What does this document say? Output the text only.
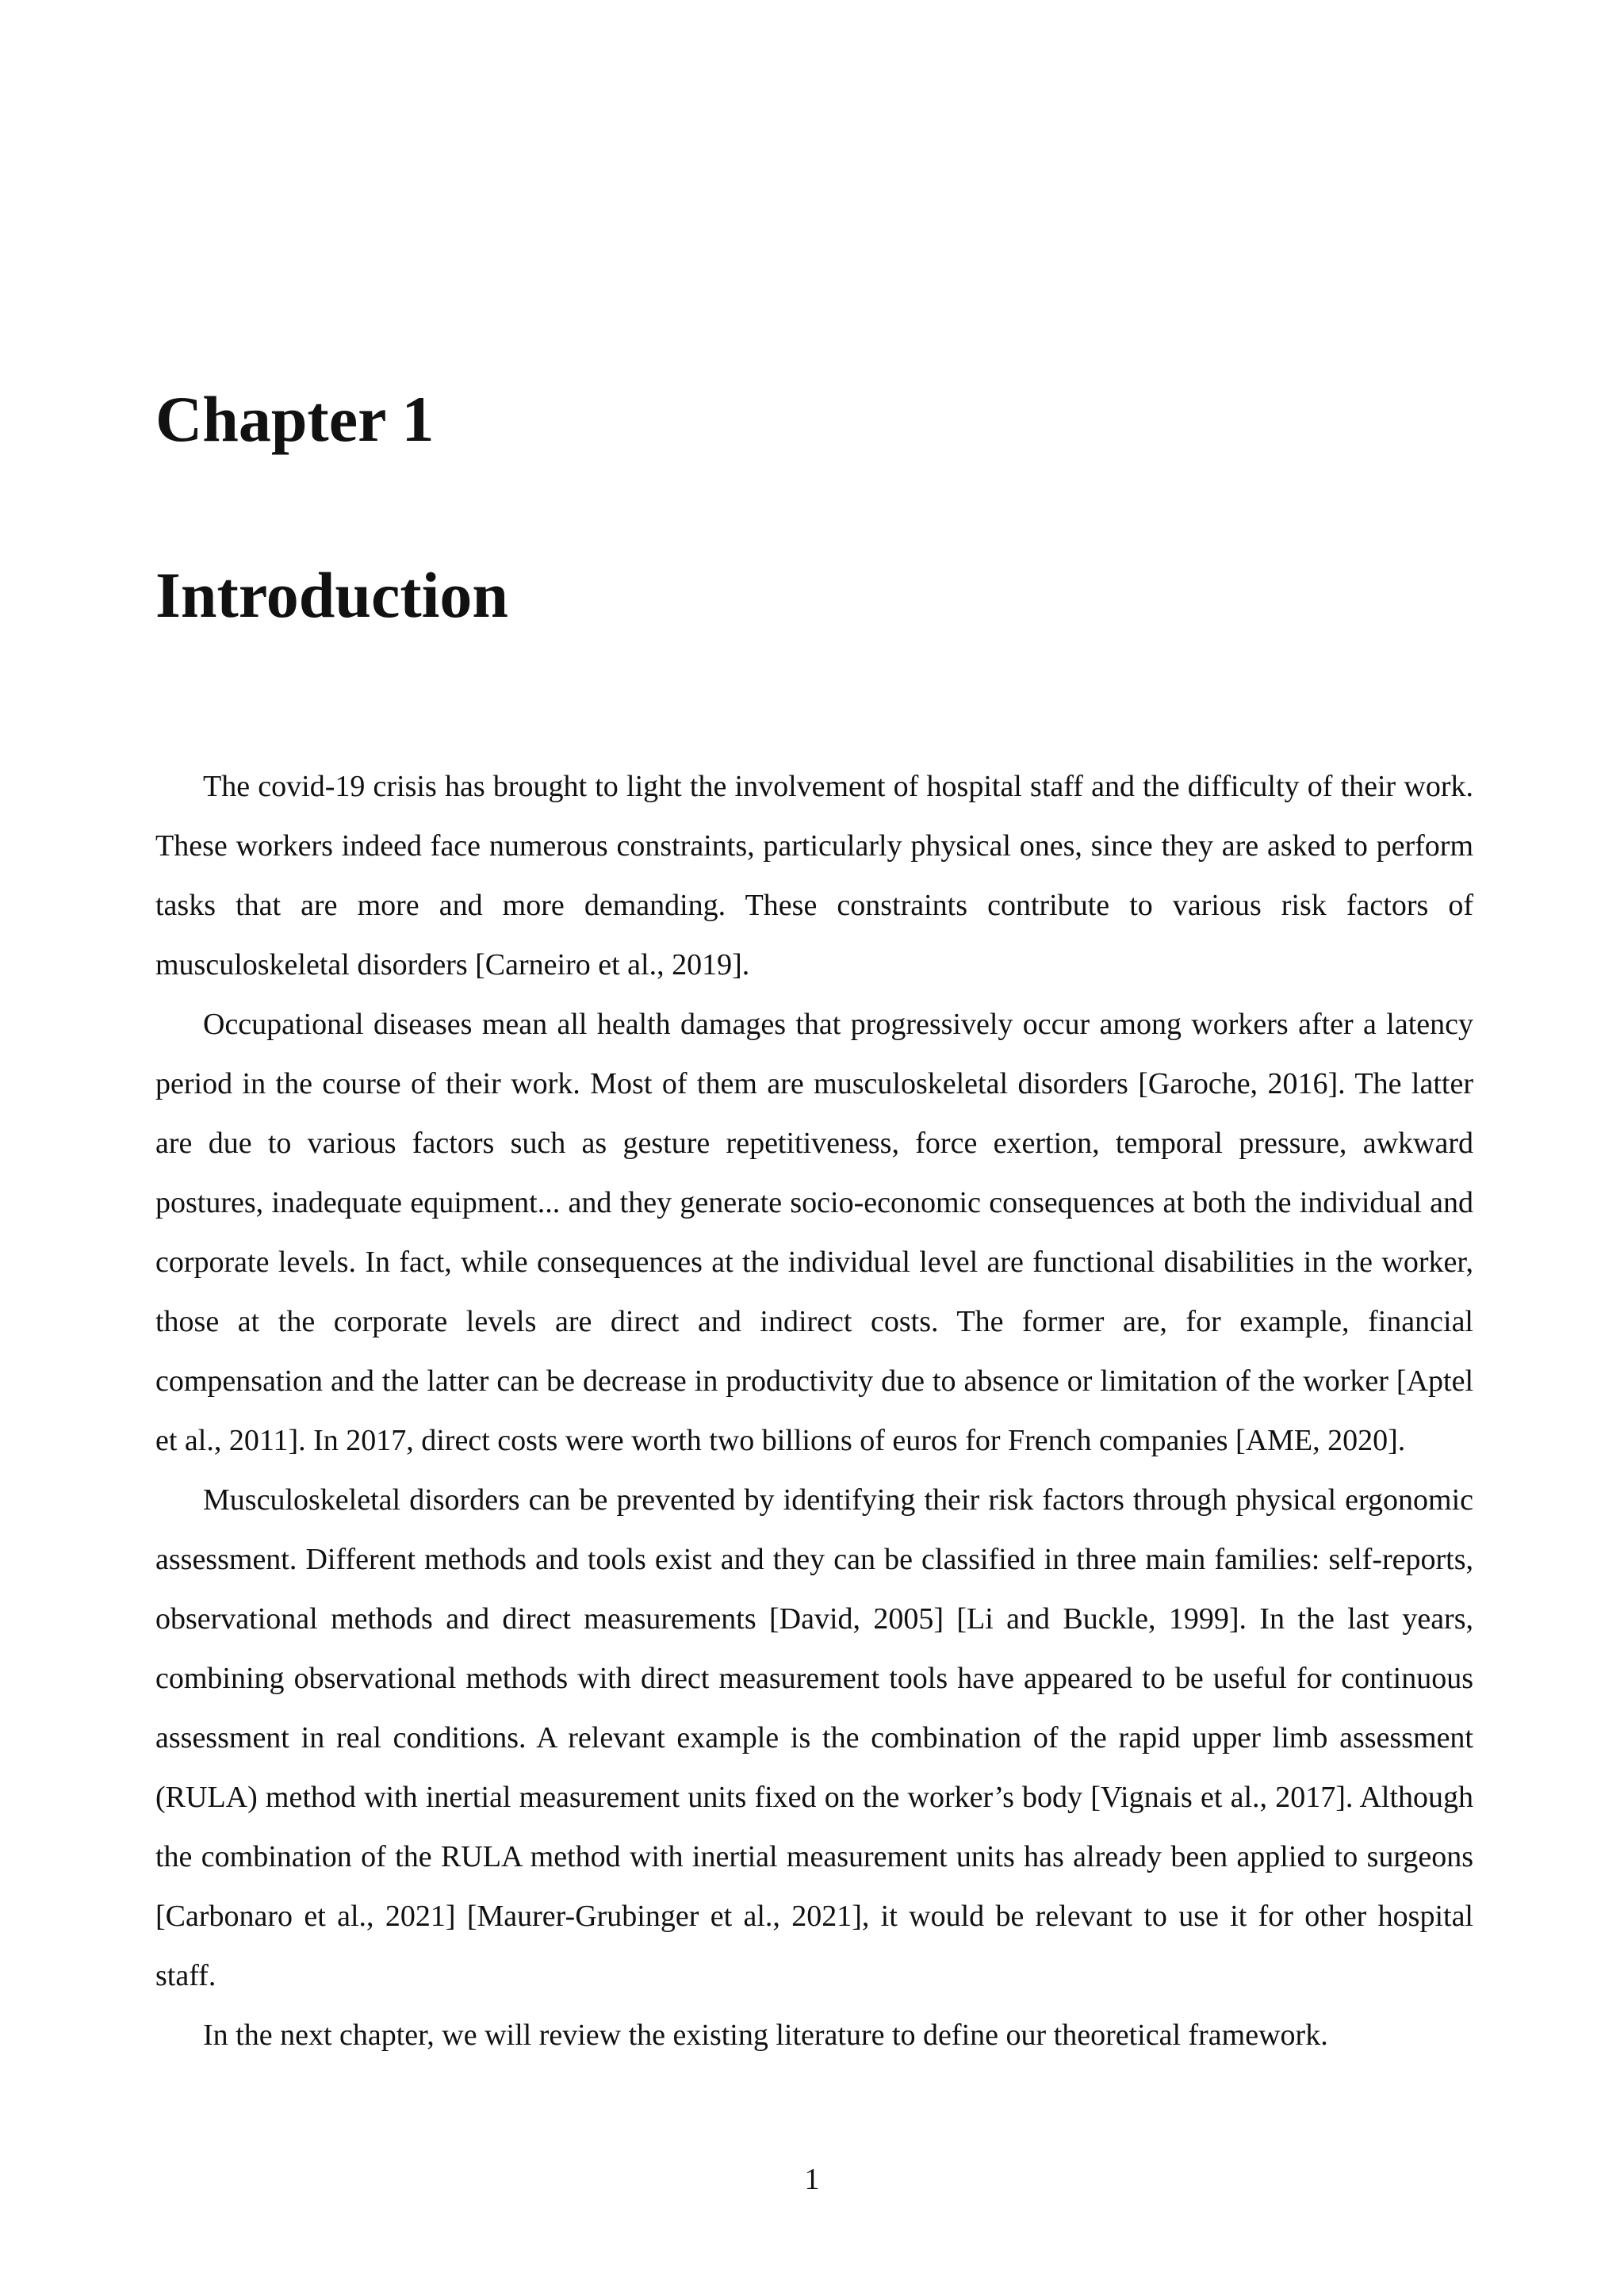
Chapter 1
Introduction

The covid-19 crisis has brought to light the involvement of hospital staff and the difficulty of their work. These workers indeed face numerous constraints, particularly physical ones, since they are asked to perform tasks that are more and more demanding. These constraints contribute to various risk factors of musculoskeletal disorders [Carneiro et al., 2019].

Occupational diseases mean all health damages that progressively occur among workers after a latency period in the course of their work. Most of them are musculoskeletal disorders [Garoche, 2016]. The latter are due to various factors such as gesture repetitiveness, force exertion, temporal pressure, awkward postures, inadequate equipment... and they generate socio-economic consequences at both the individual and corporate levels. In fact, while consequences at the individual level are functional disabilities in the worker, those at the corporate levels are direct and indirect costs. The former are, for example, financial compensation and the latter can be decrease in productivity due to absence or limitation of the worker [Aptel et al., 2011]. In 2017, direct costs were worth two billions of euros for French companies [AME, 2020].

Musculoskeletal disorders can be prevented by identifying their risk factors through physical ergonomic assessment. Different methods and tools exist and they can be classified in three main families: self-reports, observational methods and direct measurements [David, 2005] [Li and Buckle, 1999]. In the last years, combining observational methods with direct measurement tools have appeared to be useful for continuous assessment in real conditions. A relevant example is the combination of the rapid upper limb assessment (RULA) method with inertial measurement units fixed on the worker’s body [Vignais et al., 2017]. Although the combination of the RULA method with inertial measurement units has already been applied to surgeons [Carbonaro et al., 2021] [Maurer-Grubinger et al., 2021], it would be relevant to use it for other hospital staff.

In the next chapter, we will review the existing literature to define our theoretical framework.

1
